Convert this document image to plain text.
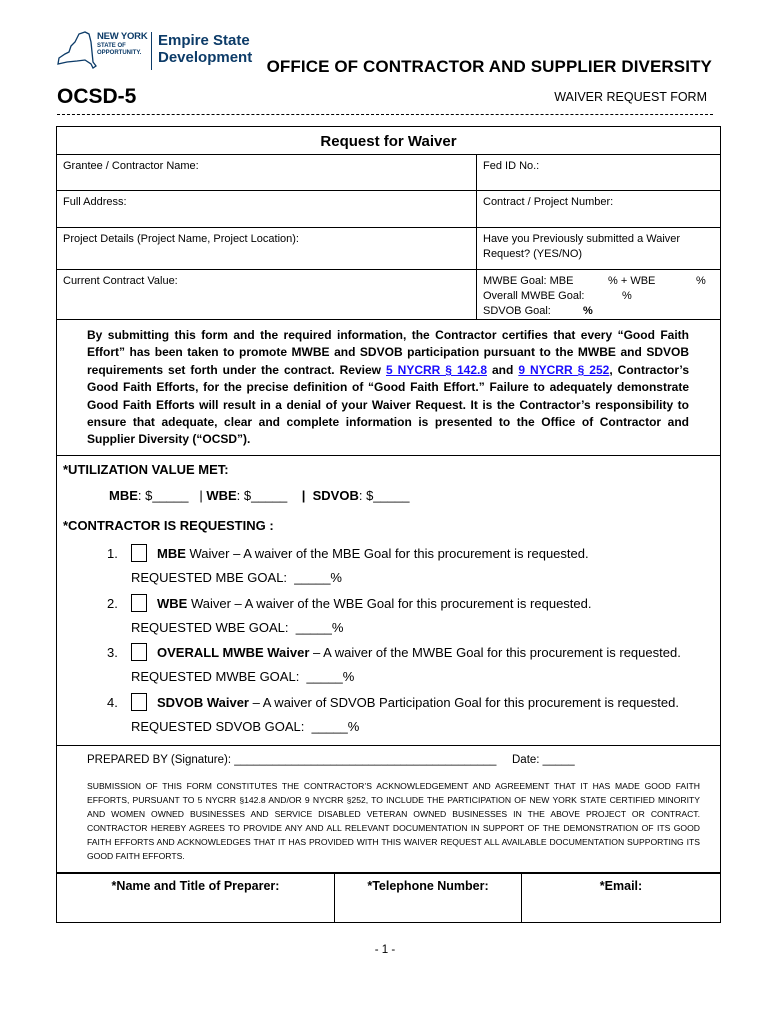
NEW YORK
STATE OF OPPORTUNITY.
Empire State Development OFFICE OF CONTRACTOR AND SUPPLIER DIVERSITY
OCSD-5	WAIVER REQUEST FORM
Request for Waiver
Grantee / Contractor Name:	Fed ID No.:
Full Address:	Contract / Project Number:
Project Details (Project Name, Project Location):	Have you Previously submitted a Waiver Request? (YES/NO)
Current Contract Value:	MWBE Goal: MBE	% + WBE	%
Overall MWBE Goal:	%
SDVOB Goal:	%
By submitting this form and the required information, the Contractor certifies that every “Good Faith Effort” has been taken to promote MWBE and SDVOB participation pursuant to the MWBE and SDVOB requirements set forth under the contract. Review 5 NYCRR § 142.8 and 9 NYCRR § 252, Contractor’s Good Faith Efforts, for the precise definition of “Good Faith Effort.” Failure to adequately demonstrate Good Faith Efforts will result in a denial of your Waiver Request. It is the Contractor’s responsibility to ensure that adequate, clear and complete information is presented to the Office of Contractor and Supplier Diversity (“OCSD”).
*UTILIZATION VALUE MET:
MBE: $_____   | WBE: $_____ | SDVOB: $_____
*CONTRACTOR IS REQUESTING :
1.	MBE Waiver – A waiver of the MBE Goal for this procurement is requested.
REQUESTED MBE GOAL: _____%
2.	WBE Waiver – A waiver of the WBE Goal for this procurement is requested.
REQUESTED WBE GOAL: _____%
3.	OVERALL MWBE Waiver – A waiver of the MWBE Goal for this procurement is requested.
REQUESTED MWBE GOAL: _____%
4.	SDVOB Waiver – A waiver of SDVOB Participation Goal for this procurement is requested.
REQUESTED SDVOB GOAL: _____%
PREPARED BY (Signature): _________________________________________ Date: _____
SUBMISSION OF THIS FORM CONSTITUTES THE CONTRACTOR’S ACKNOWLEDGEMENT AND AGREEMENT THAT IT HAS MADE GOOD FAITH EFFORTS, PURSUANT TO 5 NYCRR §142.8 AND/OR 9 NYCRR §252, TO INCLUDE THE PARTICIPATION OF NEW YORK STATE CERTIFIED MINORITY AND WOMEN OWNED BUSINESSES AND SERVICE DISABLED VETERAN OWNED BUSINESSES IN THE ABOVE PROJECT OR CONTRACT. CONTRACTOR HEREBY AGREES TO PROVIDE ANY AND ALL RELEVANT DOCUMENTATION IN SUPPORT OF THE DEMONSTRATION OF ITS GOOD FAITH EFFORTS AND ACKNOWLEDGES THAT IT HAS PROVIDED WITH THIS WAIVER REQUEST ALL AVAILABLE DOCUMENTATION SUPPORTING ITS GOOD FAITH EFFORTS.
*Name and Title of Preparer:	*Telephone Number:	*Email:
- 1 -
